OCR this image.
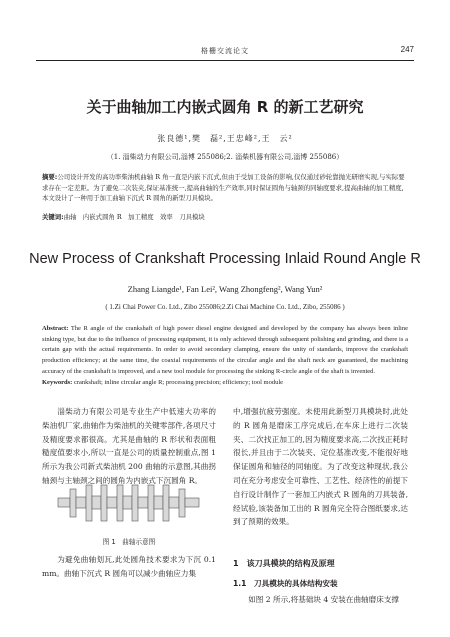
格栅交流论文	247
关于曲轴加工内嵌式圆角 R 的新工艺研究
张良德¹,樊　磊²,王忠峰²,王　云²
（1. 淄柴动力有限公司,淄博 255086;2. 淄柴机器有限公司,淄博 255086）
摘要:公司设计开发的高功率柴油机曲轴 R 角一直是内嵌下沉式,但由于受加工设备的影响,仅仅通过砂轮靠抛光研磨实现,与实际要求存在一定差距。为了避免二次装夹,保证基准统一,提高曲轴的生产效率,同时保证圆角与轴颈的同轴度要求,提高曲轴的加工精度,本文设计了一种用于加工曲轴下沉式 R 圆角的新型刀具模块。
关键词:曲轴　内嵌式圆角 R　加工精度　效率　刀具模块
New Process of Crankshaft Processing Inlaid Round Angle R
Zhang Liangde¹, Fan Lei², Wang Zhongfeng², Wang Yun²
( 1.Zi Chai Power Co. Ltd., Zibo 255086;2.Zi Chai Machine Co. Ltd., Zibo, 255086 )
Abstract: The R angle of the crankshaft of high power diesel engine designed and developed by the company has always been inline sinking type, but due to the influence of processing equipment, it is only achieved through subsequent polishing and grinding, and there is a certain gap with the actual requirements. In order to avoid secondary clamping, ensure the unity of standards, improve the crankshaft production efficiency; at the same time, the coaxial requirements of the circular angle and the shaft neck are guaranteed, the machining accuracy of the crankshaft is improved, and a new tool module for processing the sinking R-circle angle of the shaft is invented.
Keywords: crankshaft; inline circular angle R; processing precision; efficiency; tool module
淄柴动力有限公司是专业生产中低速大功率的柴油机厂家,曲轴作为柴油机的关键零部件,各项尺寸及精度要求都很高。尤其是曲轴的 R 形状和表面粗糙度值要求小,所以一直是公司的质量控制重点,图 1 所示为我公司新式柴油机 200 曲轴的示意图,其曲拐轴颈与主轴颈之间的圆角为内嵌式下沉圆角 R。
图 1　曲轴示意图
为避免曲轴划瓦,此处圆角技术要求为下沉 0.1 mm。曲轴下沉式 R 圆角可以减少曲轴应力集
中,增强抗疲劳强度。未使用此新型刀具模块时,此处的 R 圆角是磨床工序完成后,在车床上进行二次装夹、二次找正加工的,因为精度要求高,二次找正耗时很长,并且由于二次装夹、定位基准改变,不能很好地保证圆角和轴径的同轴度。为了改变这种现状,我公司在充分考虑安全可靠性、工艺性、经济性的前提下自行设计制作了一套加工内嵌式 R 圆角的刀具装备,经试验,该装备加工出的 R 圆角完全符合图纸要求,达到了预期的效果。
1　该刀具模块的结构及原理
1.1　刀具模块的具体结构安装
如图 2 所示,将基础块 4 安装在曲轴磨床支撑
